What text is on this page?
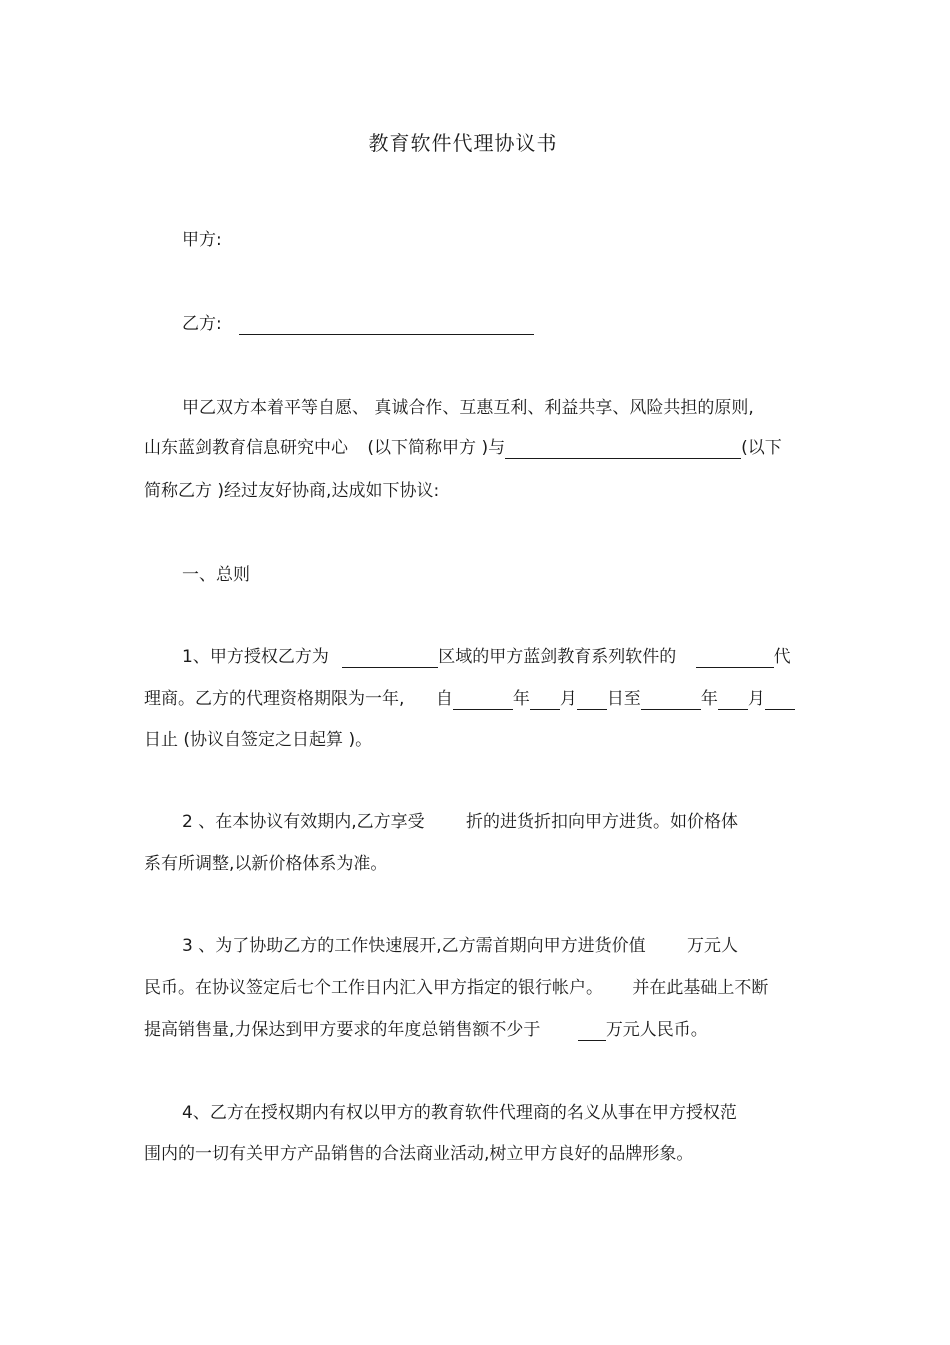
教育软件代理协议书
甲方:
乙方:
甲乙双方本着平等自愿、 真诚合作、互惠互利、利益共享、风险共担的原则,
山东蓝剑教育信息研究中心 (以下简称甲方 )与	(以下
简称乙方 )经过友好协商,达成如下协议:
一、总则
1、甲方授权乙方为	区域的甲方蓝剑教育系列软件的	代
理商。乙方的代理资格期限为一年, 自	年 月 日至	年 月
日止 (协议自签定之日起算 )。
2 、在本协议有效期内,乙方享受 折的进货折扣向甲方进货。如价格体
系有所调整,以新价格体系为准。
3 、为了协助乙方的工作快速展开,乙方需首期向甲方进货价值 万元人
民币。在协议签定后七个工作日内汇入甲方指定的银行帐户。 并在此基础上不断
提高销售量,力保达到甲方要求的年度总销售额不少于	万元人民币。
4、乙方在授权期内有权以甲方的教育软件代理商的名义从事在甲方授权范
围内的一切有关甲方产品销售的合法商业活动,树立甲方良好的品牌形象。
